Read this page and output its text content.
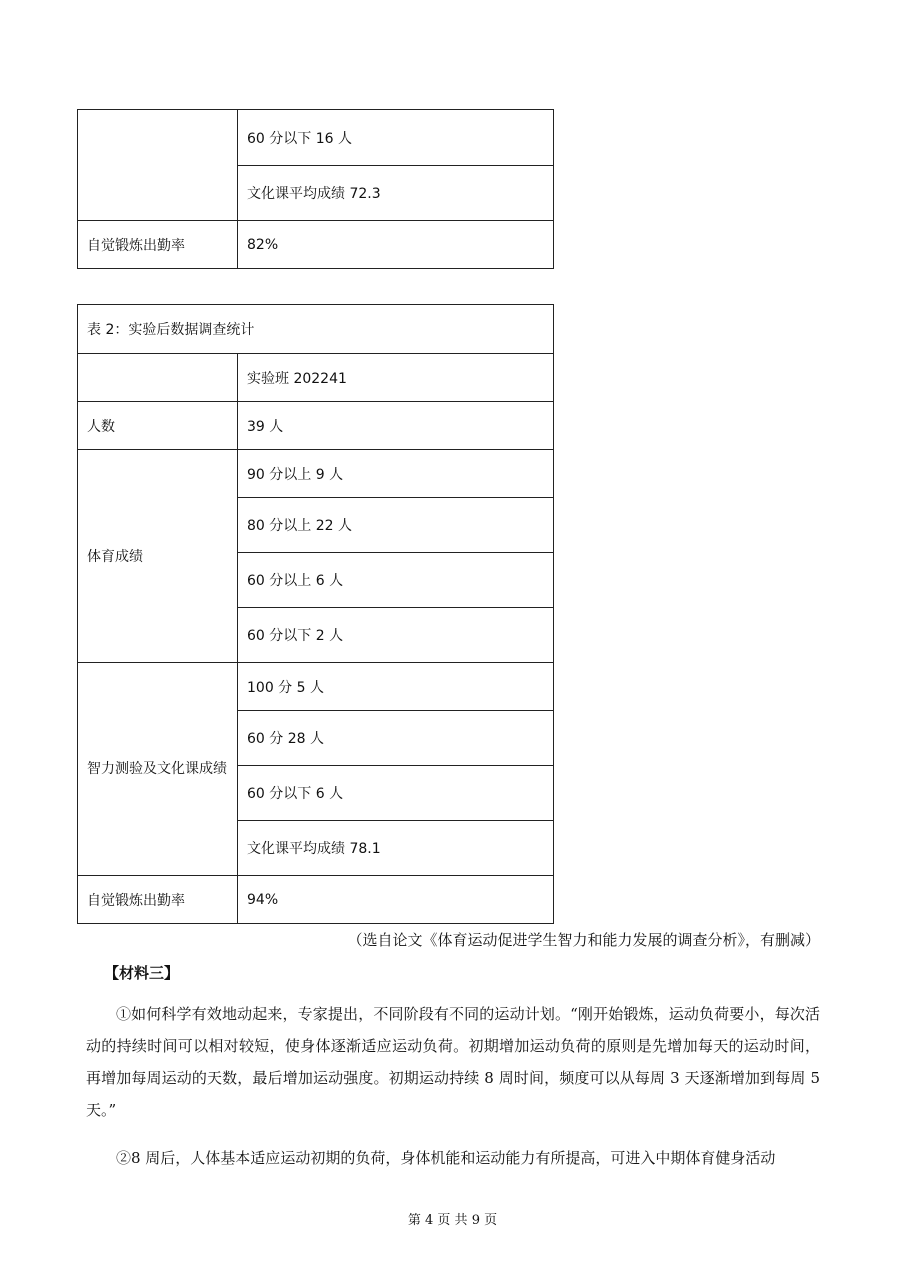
	60 分以下 16 人
	文化课平均成绩 72.3
自觉锻炼出勤率	82%
表 2：实验后数据调查统计	
	实验班 202241
人数	39 人
体育成绩	90 分以上 9 人
	80 分以上 22 人
	60 分以上 6 人
	60 分以下 2 人
智力测验及文化课成绩	100 分 5 人
	60 分 28 人
	60 分以下 6 人
	文化课平均成绩 78.1
自觉锻炼出勤率	94%
（选自论文《体育运动促进学生智力和能力发展的调查分析》，有删减）
【材料三】

①如何科学有效地动起来，专家提出，不同阶段有不同的运动计划。“刚开始锻炼，运动负荷要小，每次活动的持续时间可以相对较短，使身体逐渐适应运动负荷。初期增加运动负荷的原则是先增加每天的运动时间，再增加每周运动的天数，最后增加运动强度。初期运动持续 8 周时间，频度可以从每周 3 天逐渐增加到每周 5 天。”

②8 周后，人体基本适应运动初期的负荷，身体机能和运动能力有所提高，可进入中期体育健身活动

第 4 页 共 9 页
